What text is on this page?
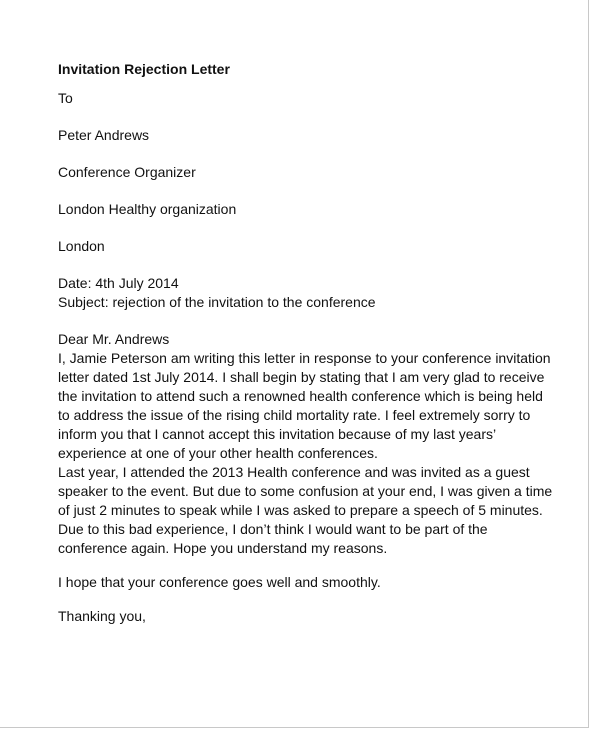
Invitation Rejection Letter

To

Peter Andrews

Conference Organizer

London Healthy organization

London

Date: 4th July 2014

Subject: rejection of the invitation to the conference

Dear Mr. Andrews

I, Jamie Peterson am writing this letter in response to your conference invitation letter dated 1st July 2014. I shall begin by stating that I am very glad to receive the invitation to attend such a renowned health conference which is being held to address the issue of the rising child mortality rate. I feel extremely sorry to inform you that I cannot accept this invitation because of my last years’ experience at one of your other health conferences.

Last year, I attended the 2013 Health conference and was invited as a guest speaker to the event. But due to some confusion at your end, I was given a time of just 2 minutes to speak while I was asked to prepare a speech of 5 minutes. Due to this bad experience, I don’t think I would want to be part of the conference again. Hope you understand my reasons.

I hope that your conference goes well and smoothly.

Thanking you,
